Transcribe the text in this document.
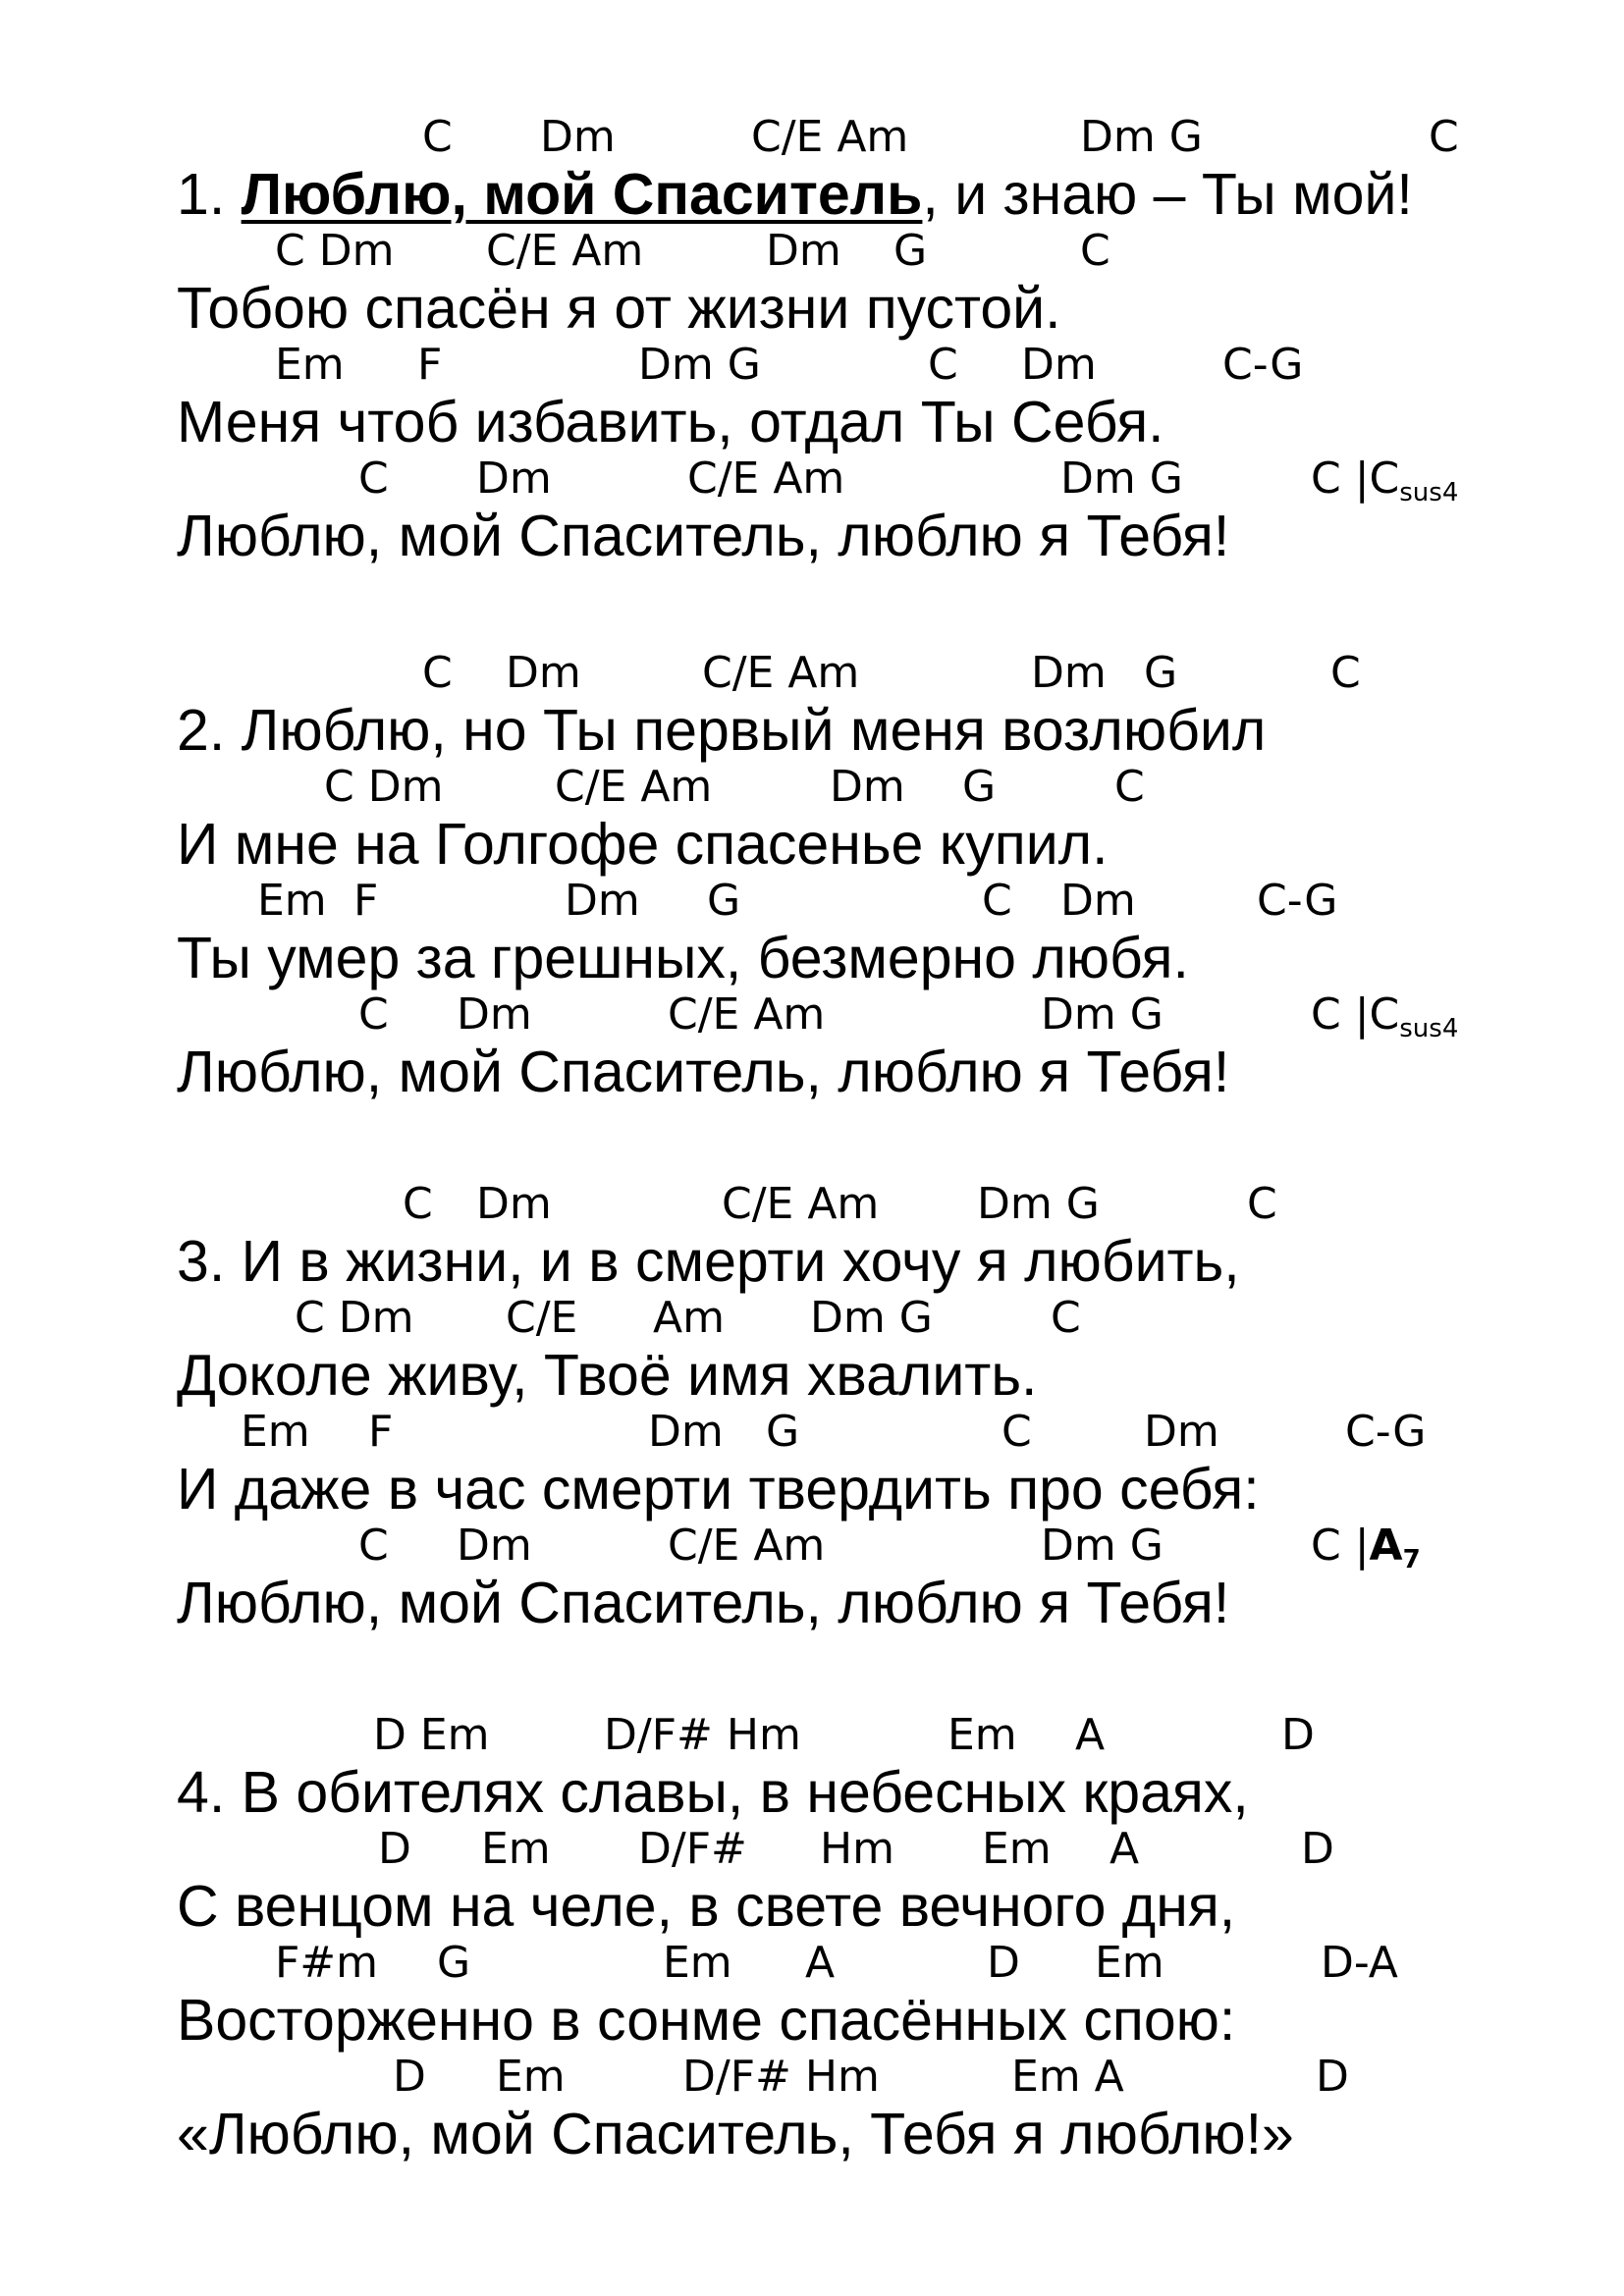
C Dm	C/E Am	Dm G	C
1. Люблю, мой Спаситель, и знаю – Ты мой!
C Dm C/E Am	Dm G	C
Тобою спасён я от жизни пустой.
Em F	Dm G	C Dm	C-G
Меня чтоб избавить, отдал Ты Себя.
C Dm	C/E Am	Dm G	C $|C_{sus4}$
Люблю, мой Спаситель, люблю я Тебя!
C Dm	C/E Am	Dm G	C
2. Люблю, но Ты первый меня возлюбил
C Dm	C/E Am	Dm G	C
И мне на Голгофе спасенье купил.
Em F	Dm G	C Dm	C-G
Ты умер за грешных, безмерно любя.
C Dm	C/E Am	Dm G	C $|C_{sus4}$
Люблю, мой Спаситель, люблю я Тебя!
C Dm	C/E Am Dm G	C
3. И в жизни, и в смерти хочу я любить,
C Dm C/E Am Dm G	C
Доколе живу, Твоё имя хвалить.
Em F	Dm G	C	Dm	C-G
И даже в час смерти твердить про себя:
C Dm	C/E Am	Dm G	C $|A_7$
Люблю, мой Спаситель, люблю я Тебя!
D Em	D/F# Hm	Em A	D
4. В обителях славы, в небесных краях,
D Em D/F# Hm Em A	D
С венцом на челе, в свете вечного дня,
F#m G	Em A	D Em	D-A
Восторженно в сонме спасённых спою:
D Em	D/F# Hm	Em A	D
«Люблю, мой Спаситель, Тебя я люблю!»
